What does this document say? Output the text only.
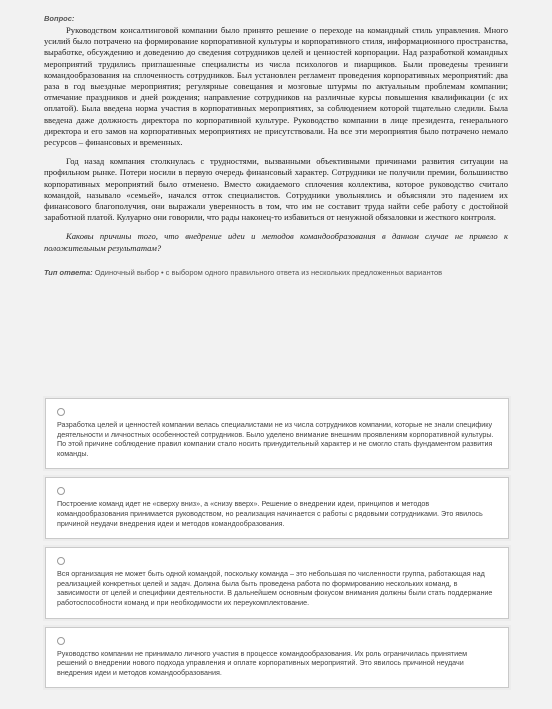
Вопрос:

Руководством консалтинговой компании было принято решение о переходе на командный стиль управления. Много усилий было потрачено на формирование корпоративной культуры и корпоративного стиля, информационного пространства, выработке, обсуждению и доведению до сведения сотрудников целей и ценностей корпорации. Над разработкой командных мероприятий трудились приглашенные специалисты из числа психологов и пиарщиков. Были проведены тренинги командообразования на сплоченность сотрудников. Был установлен регламент проведения корпоративных мероприятий: два раза в год выездные мероприятия; регулярные совещания и мозговые штурмы по актуальным проблемам компании; отмечание праздников и дней рождения; направление сотрудников на различные курсы повышения квалификации (с их оплатой). Была введена норма участия в корпоративных мероприятиях, за соблюдением которой тщательно следили. Была введена даже должность директора по корпоративной культуре. Руководство компании в лице президента, генерального директора и его замов на корпоративных мероприятиях не присутствовали. На все эти мероприятия было потрачено немало ресурсов – финансовых и временных.

Год назад компания столкнулась с трудностями, вызванными объективными причинами развития ситуации на профильном рынке. Потери носили в первую очередь финансовый характер. Сотрудники не получили премии, большинство корпоративных мероприятий было отменено. Вместо ожидаемого сплочения коллектива, которое руководство считало командой, называло «семьей», начался отток специалистов. Сотрудники увольнялись и объясняли это падением их финансового благополучия, они выражали уверенность в том, что им не составит труда найти себе работу с достойной заработной платой. Кулуарно они говорили, что рады наконец-то избавиться от ненужной обязаловки и жесткого контроля.

Каковы причины того, что внедрение идеи и методов командообразования в данном случае не привело к положительным результатам?

Тип ответа: Одиночный выбор • с выбором одного правильного ответа из нескольких предложенных вариантов
Разработка целей и ценностей компании велась специалистами не из числа сотрудников компании, которые не знали специфику деятельности и личностных особенностей сотрудников. Было уделено внимание внешним проявлениям корпоративной культуры. По этой причине соблюдение правил компании стало носить принудительный характер и не смогло стать фундаментом развития команды.
Построение команд идет не «сверху вниз», а «снизу вверх». Решение о внедрении идеи, принципов и методов командообразования принимается руководством, но реализация начинается с работы с рядовыми сотрудниками. Это явилось причиной неудачи внедрения идеи и методов командообразования.
Вся организация не может быть одной командой, поскольку команда – это небольшая по численности группа, работающая над реализацией конкретных целей и задач. Должна была быть проведена работа по формированию нескольких команд, в зависимости от целей и специфики деятельности. В дальнейшем основным фокусом внимания должны были стать поддержание работоспособности команд и при необходимости их переукомплектование.
Руководство компании не принимало личного участия в процессе командообразования. Их роль ограничилась принятием решений о внедрении нового подхода управления и оплате корпоративных мероприятий. Это явилось причиной неудачи внедрения идеи и методов командообразования.
